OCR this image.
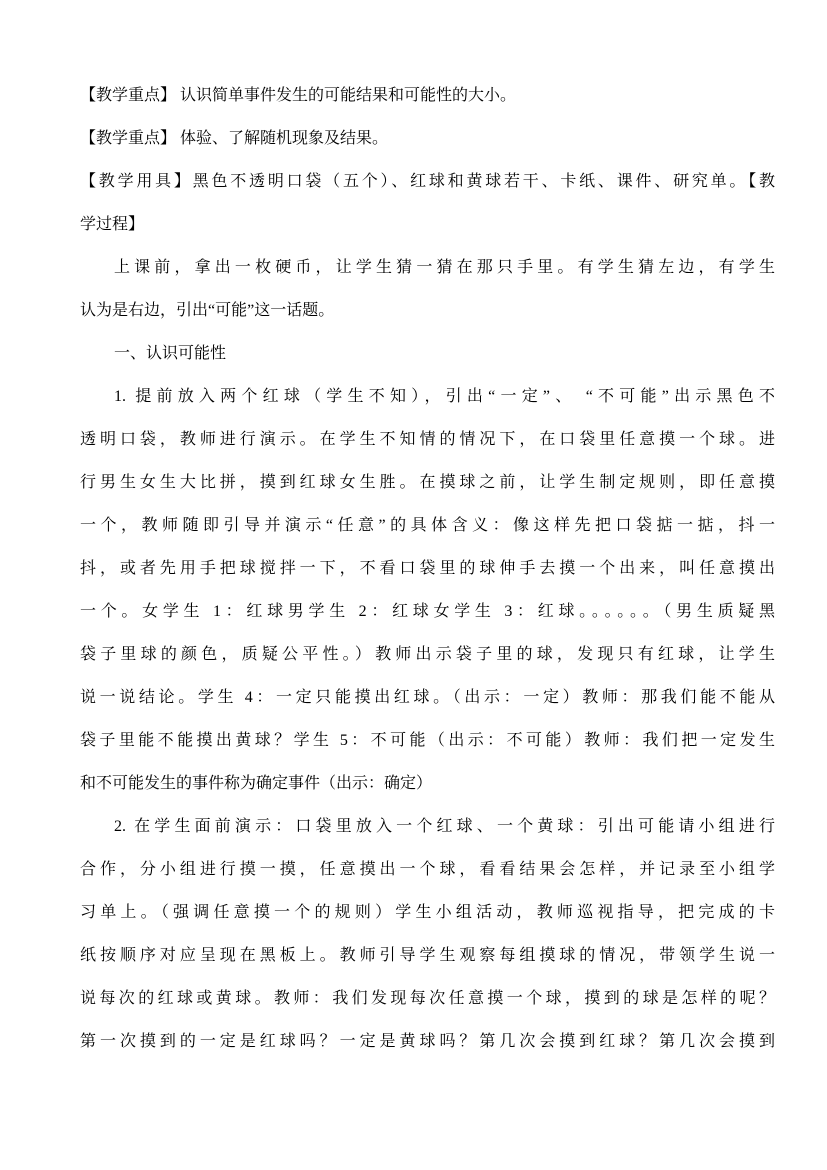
【教学重点】 认识简单事件发生的可能结果和可能性的大小。
【教学重点】 体验、了解随机现象及结果。
【教学用具】黑色不透明口袋（五个）、红球和黄球若干、卡纸、课件、研究单。【教
学过程】
上课前，拿出一枚硬币，让学生猜一猜在那只手里。有学生猜左边，有学生
认为是右边，引出“可能”这一话题。
一、认识可能性
1. 提前放入两个红球（学生不知），引出“一定”、 “不可能”出示黑色不
透明口袋，教师进行演示。在学生不知情的情况下，在口袋里任意摸一个球。进
行男生女生大比拼，摸到红球女生胜。在摸球之前，让学生制定规则，即任意摸
一个，教师随即引导并演示“任意”的具体含义：像这样先把口袋掂一掂，抖一
抖，或者先用手把球搅拌一下，不看口袋里的球伸手去摸一个出来，叫任意摸出
一个。女学生 1：红球男学生 2：红球女学生 3：红球。。。。。。（男生质疑黑
袋子里球的颜色，质疑公平性。）教师出示袋子里的球，发现只有红球，让学生
说一说结论。学生 4：一定只能摸出红球。（出示：一定）教师：那我们能不能从
袋子里能不能摸出黄球？学生 5：不可能（出示：不可能）教师：我们把一定发生
和不可能发生的事件称为确定事件（出示：确定）
2. 在学生面前演示：口袋里放入一个红球、一个黄球：引出可能请小组进行
合作，分小组进行摸一摸，任意摸出一个球，看看结果会怎样，并记录至小组学
习单上。（强调任意摸一个的规则）学生小组活动，教师巡视指导，把完成的卡
纸按顺序对应呈现在黑板上。教师引导学生观察每组摸球的情况，带领学生说一
说每次的红球或黄球。教师：我们发现每次任意摸一个球，摸到的球是怎样的呢？
第一次摸到的一定是红球吗？一定是黄球吗？第几次会摸到红球？第几次会摸到
